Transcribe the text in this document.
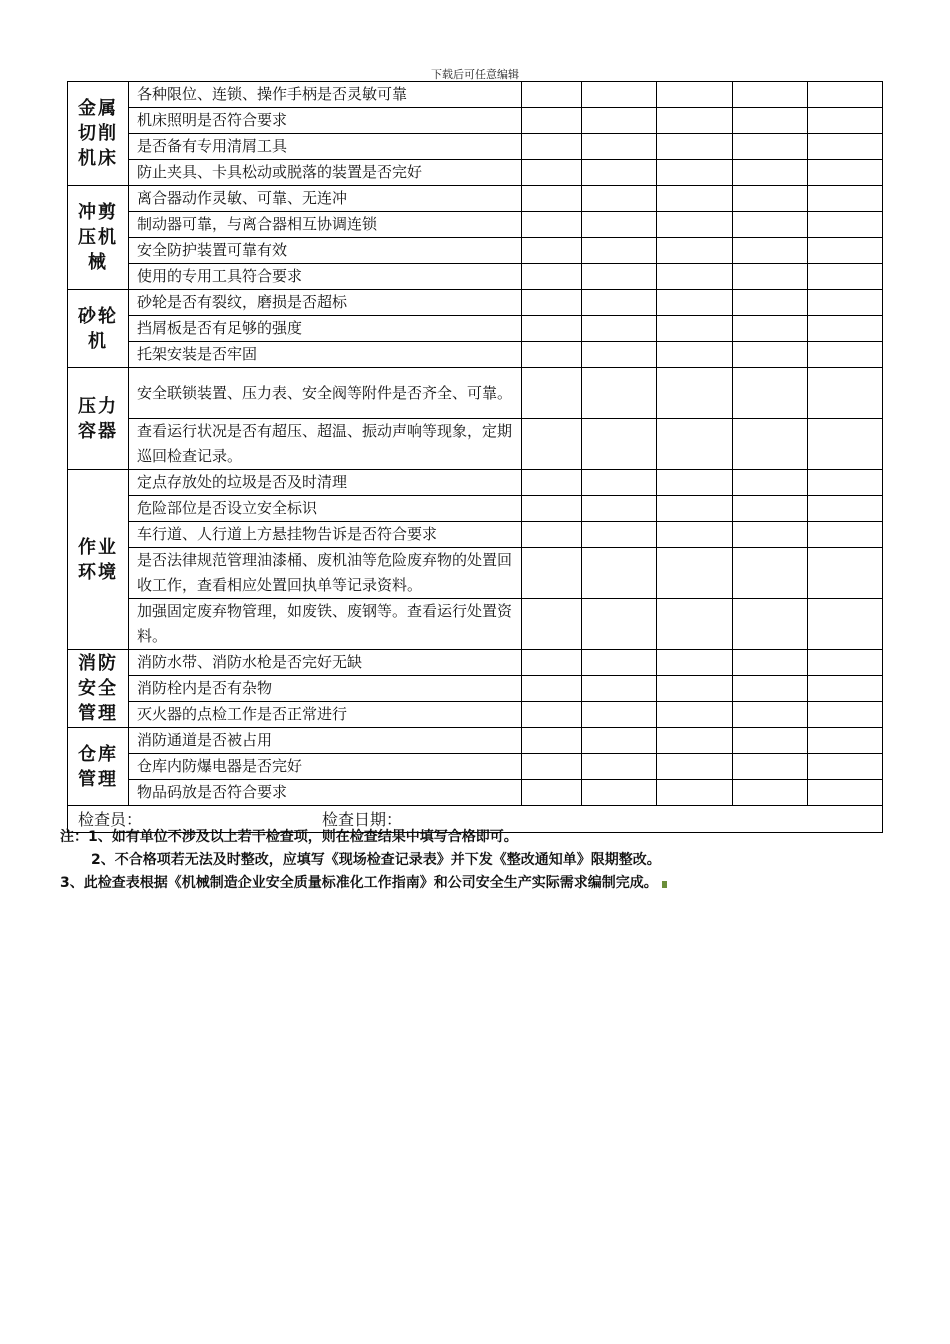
下载后可任意编辑
金属切削机床	各种限位、连锁、操作手柄是否灵敏可靠					
	机床照明是否符合要求					
	是否备有专用清屑工具					
	防止夹具、卡具松动或脱落的装置是否完好					
冲剪压机械	离合器动作灵敏、可靠、无连冲					
	制动器可靠，与离合器相互协调连锁					
	安全防护装置可靠有效					
	使用的专用工具符合要求					
砂轮机	砂轮是否有裂纹，磨损是否超标					
	挡屑板是否有足够的强度					
	托架安装是否牢固					
压力容器	安全联锁装置、压力表、安全阀等附件是否齐全、可靠。					
	查看运行状况是否有超压、超温、振动声响等现象，定期巡回检查记录。					
作业环境	定点存放处的垃圾是否及时清理					
	危险部位是否设立安全标识					
	车行道、人行道上方悬挂物告诉是否符合要求					
	是否法律规范管理油漆桶、废机油等危险废弃物的处置回收工作，查看相应处置回执单等记录资料。					
	加强固定废弃物管理，如废铁、废钢等。查看运行处置资料。					
消防安全管理	消防水带、消防水枪是否完好无缺					
	消防栓内是否有杂物					
	灭火器的点检工作是否正常进行					
仓库管理	消防通道是否被占用					
	仓库内防爆电器是否完好					
	物品码放是否符合要求					
检查员： 检查日期：						
注：1、如有单位不涉及以上若干检查项，则在检查结果中填写合格即可。
2、不合格项若无法及时整改，应填写《现场检查记录表》并下发《整改通知单》限期整改。
3、此检查表根据《机械制造企业安全质量标准化工作指南》和公司安全生产实际需求编制完成。
